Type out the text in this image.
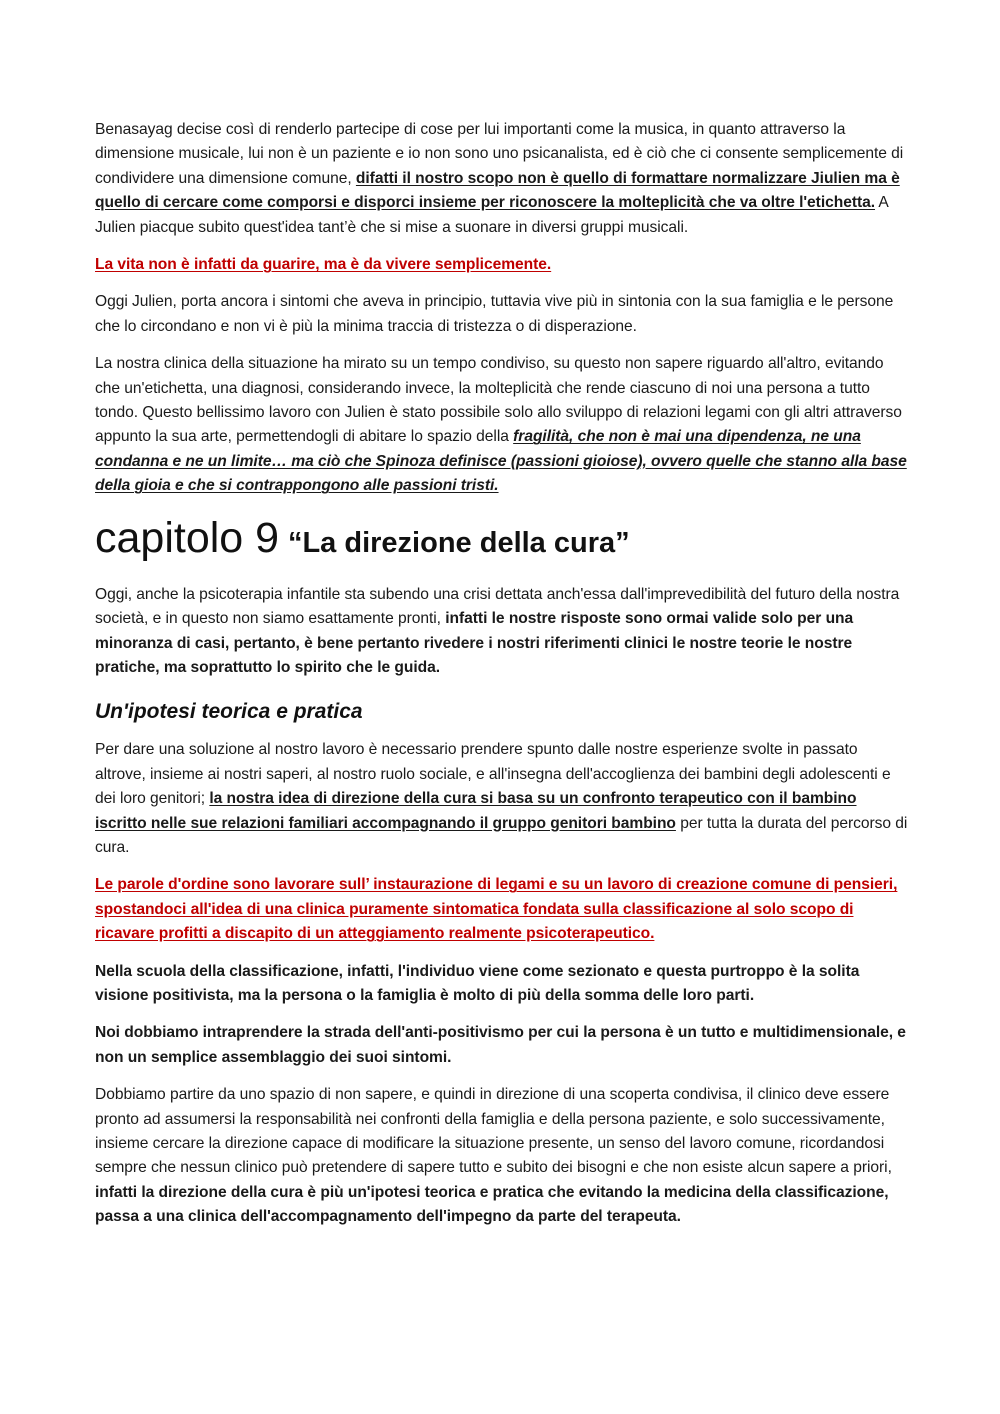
Benasayag decise così di renderlo partecipe di cose per lui importanti come la musica, in quanto attraverso la dimensione musicale, lui non è un paziente e io non sono uno psicanalista, ed è ciò che ci consente semplicemente di condividere una dimensione comune, difatti il nostro scopo non è quello di formattare normalizzare Jiulien ma è quello di cercare come comporsi e disporci insieme per riconoscere la molteplicità che va oltre l'etichetta. A Julien piacque subito quest'idea tant’è che si mise a suonare in diversi gruppi musicali.

La vita non è infatti da guarire, ma è da vivere semplicemente.

Oggi Julien, porta ancora i sintomi che aveva in principio, tuttavia vive più in sintonia con la sua famiglia e le persone che lo circondano e non vi è più la minima traccia di tristezza o di disperazione.

La nostra clinica della situazione ha mirato su un tempo condiviso, su questo non sapere riguardo all'altro, evitando che un'etichetta, una diagnosi, considerando invece, la molteplicità che rende ciascuno di noi una persona a tutto tondo. Questo bellissimo lavoro con Julien è stato possibile solo allo sviluppo di relazioni legami con gli altri attraverso appunto la sua arte, permettendogli di abitare lo spazio della fragilità, che non è mai una dipendenza, ne una condanna e ne un limite… ma ciò che Spinoza definisce (passioni gioiose), ovvero quelle che stanno alla base della gioia e che si contrappongono alle passioni tristi.

capitolo 9 “La direzione della cura”

Oggi, anche la psicoterapia infantile sta subendo una crisi dettata anch'essa dall'imprevedibilità del futuro della nostra società, e in questo non siamo esattamente pronti, infatti le nostre risposte sono ormai valide solo per una minoranza di casi, pertanto, è bene pertanto rivedere i nostri riferimenti clinici le nostre teorie le nostre pratiche, ma soprattutto lo spirito che le guida.

Un'ipotesi teorica e pratica

Per dare una soluzione al nostro lavoro è necessario prendere spunto dalle nostre esperienze svolte in passato altrove, insieme ai nostri saperi, al nostro ruolo sociale, e all'insegna dell'accoglienza dei bambini degli adolescenti e dei loro genitori; la nostra idea di direzione della cura si basa su un confronto terapeutico con il bambino iscritto nelle sue relazioni familiari accompagnando il gruppo genitori bambino per tutta la durata del percorso di cura.

Le parole d'ordine sono lavorare sull’ instaurazione di legami e su un lavoro di creazione comune di pensieri, spostandoci all'idea di una clinica puramente sintomatica fondata sulla classificazione al solo scopo di ricavare profitti a discapito di un atteggiamento realmente psicoterapeutico.

Nella scuola della classificazione, infatti, l'individuo viene come sezionato e questa purtroppo è la solita visione positivista, ma la persona o la famiglia è molto di più della somma delle loro parti.

Noi dobbiamo intraprendere la strada dell'anti-positivismo per cui la persona è un tutto e multidimensionale, e non un semplice assemblaggio dei suoi sintomi.

Dobbiamo partire da uno spazio di non sapere, e quindi in direzione di una scoperta condivisa, il clinico deve essere pronto ad assumersi la responsabilità nei confronti della famiglia e della persona paziente, e solo successivamente, insieme cercare la direzione capace di modificare la situazione presente, un senso del lavoro comune, ricordandosi sempre che nessun clinico può pretendere di sapere tutto e subito dei bisogni e che non esiste alcun sapere a priori, infatti la direzione della cura è più un'ipotesi teorica e pratica che evitando la medicina della classificazione, passa a una clinica dell'accompagnamento dell'impegno da parte del terapeuta.
